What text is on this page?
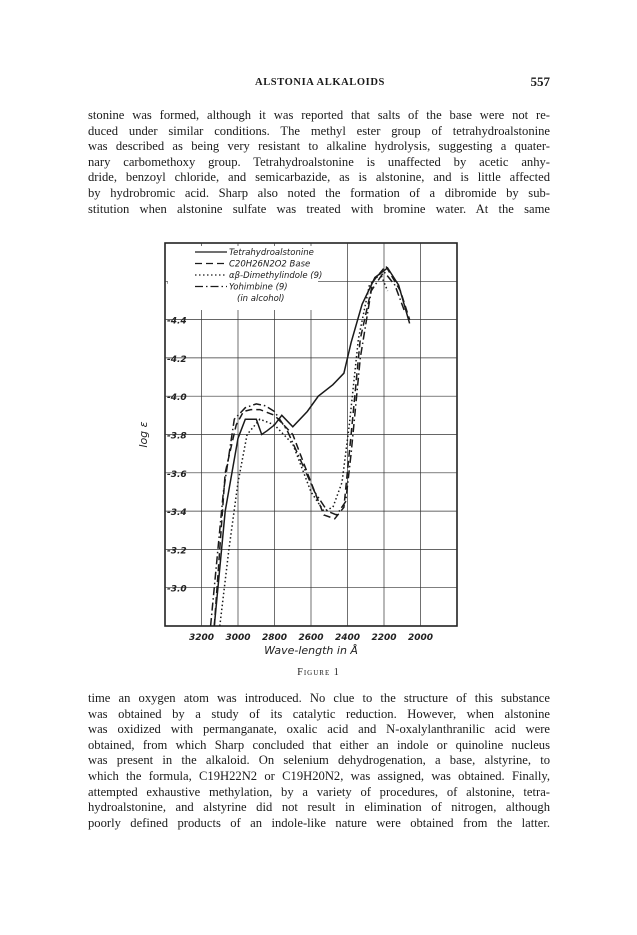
ALSTONIA ALKALOIDS	557
stonine was formed, although it was reported that salts of the base were not re-
duced under similar conditions. The methyl ester group of tetrahydroalstonine
was described as being very resistant to alkaline hydrolysis, suggesting a quater-
nary carbomethoxy group. Tetrahydroalstonine is unaffected by acetic anhy-
dride, benzoyl chloride, and semicarbazide, as is alstonine, and is little affected
by hydrobromic acid. Sharp also noted the formation of a dibromide by sub-
stitution when alstonine sulfate was treated with bromine water. At the same
-4.4
-4.2
-4.0
-3.8
-3.6
-3.4
-3.2
-3.0
3200 3000 2800 2600 2400 2200 2000
Wave-length in Å
log ε
Tetrahydroalstonine
C20H26N2O2 Base
αβ-Dimethylindole (9)
Yohimbine (9)
(in alcohol)
Figure 1
time an oxygen atom was introduced. No clue to the structure of this substance
was obtained by a study of its catalytic reduction. However, when alstonine
was oxidized with permanganate, oxalic acid and N-oxalylanthranilic acid were
obtained, from which Sharp concluded that either an indole or quinoline nucleus
was present in the alkaloid. On selenium dehydrogenation, a base, alstyrine, to
which the formula, C19H22N2 or C19H20N2, was assigned, was obtained. Finally,
attempted exhaustive methylation, by a variety of procedures, of alstonine, tetra-
hydroalstonine, and alstyrine did not result in elimination of nitrogen, although
poorly defined products of an indole-like nature were obtained from the latter.
